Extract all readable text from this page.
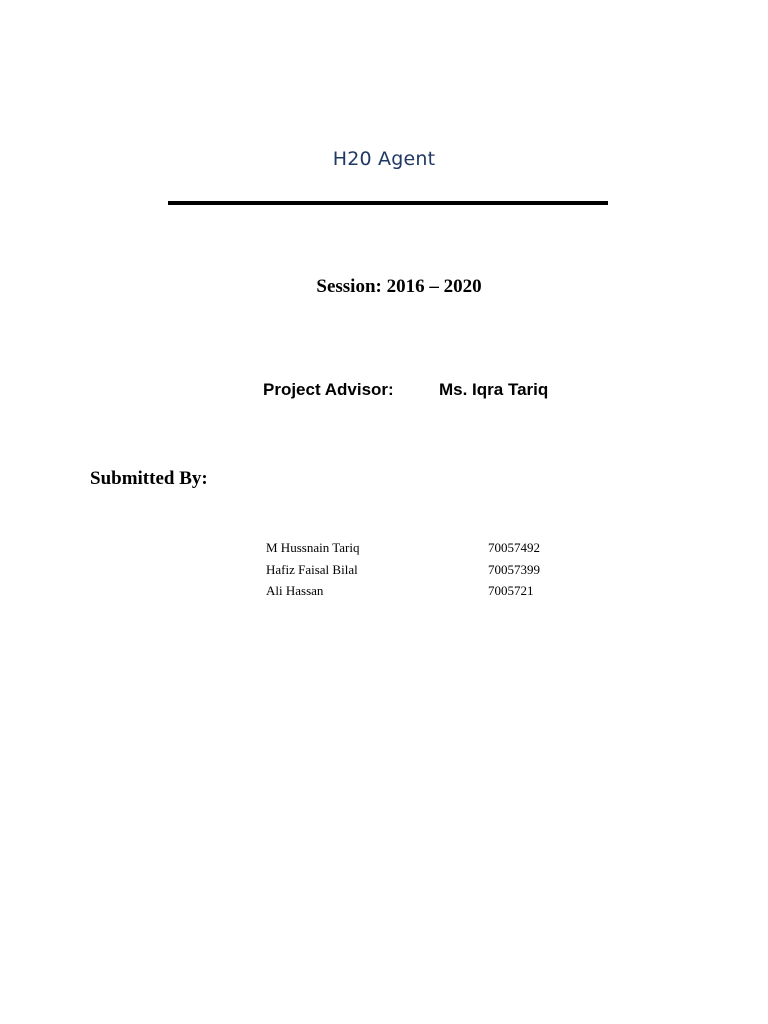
H20 Agent
Session: 2016 – 2020
Project Advisor:	Ms. Iqra Tariq
Submitted By:
M Hussnain Tariq	70057492
Hafiz Faisal Bilal	70057399
Ali Hassan	7005721
